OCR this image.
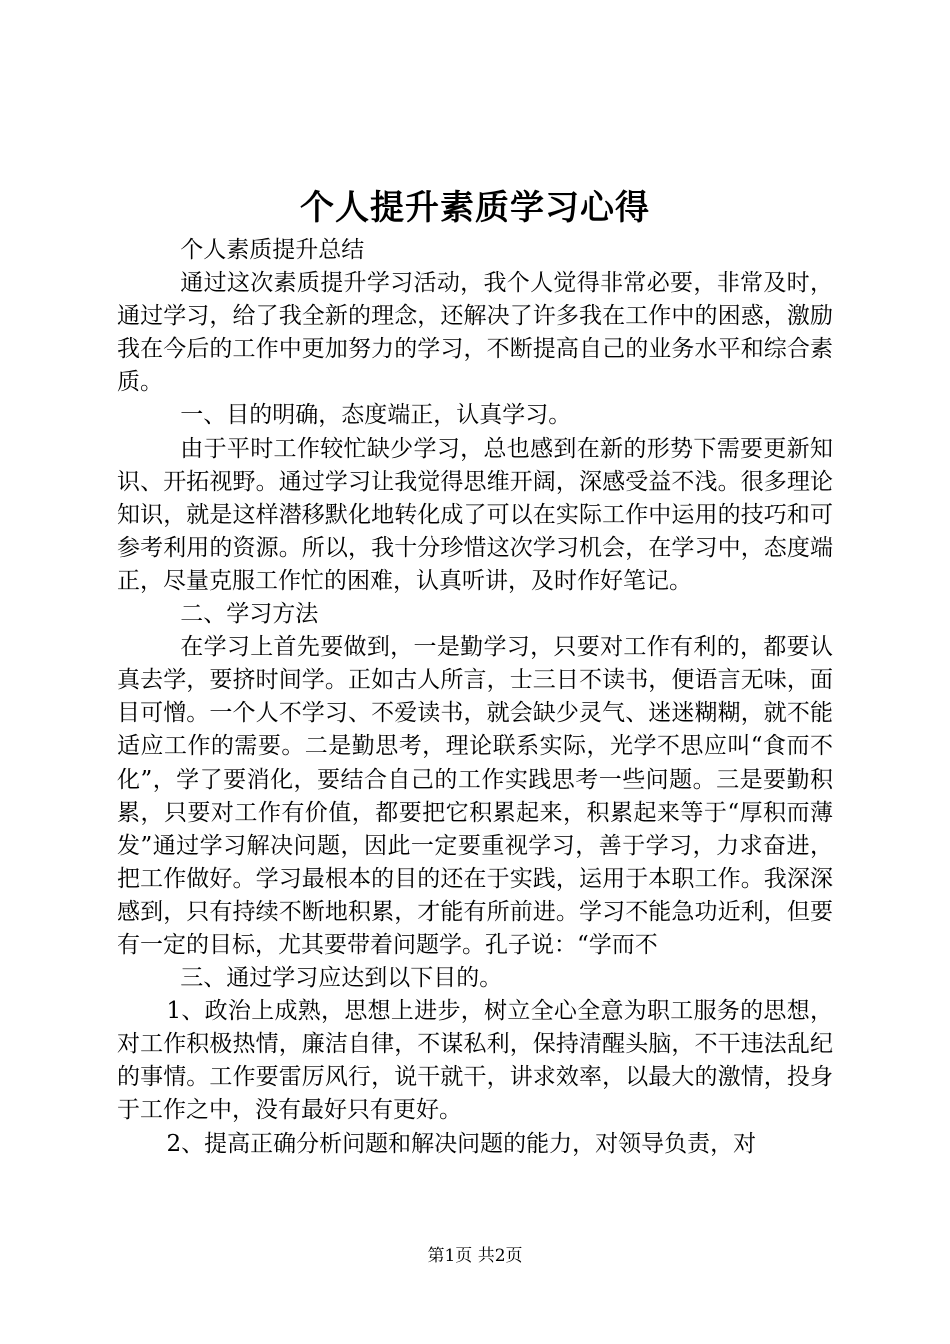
个人提升素质学习心得

个人素质提升总结

通过这次素质提升学习活动，我个人觉得非常必要，非常及时，通过学习，给了我全新的理念，还解决了许多我在工作中的困惑，激励我在今后的工作中更加努力的学习，不断提高自己的业务水平和综合素质。

一、目的明确，态度端正，认真学习。

由于平时工作较忙缺少学习，总也感到在新的形势下需要更新知识、开拓视野。通过学习让我觉得思维开阔，深感受益不浅。很多理论知识，就是这样潜移默化地转化成了可以在实际工作中运用的技巧和可参考利用的资源。所以，我十分珍惜这次学习机会，在学习中，态度端正，尽量克服工作忙的困难，认真听讲，及时作好笔记。

二、学习方法

在学习上首先要做到，一是勤学习，只要对工作有利的，都要认真去学，要挤时间学。正如古人所言，士三日不读书，便语言无味，面目可憎。一个人不学习、不爱读书，就会缺少灵气、迷迷糊糊，就不能适应工作的需要。二是勤思考，理论联系实际，光学不思应叫“食而不化”，学了要消化，要结合自己的工作实践思考一些问题。三是要勤积累，只要对工作有价值，都要把它积累起来，积累起来等于“厚积而薄发”通过学习解决问题，因此一定要重视学习，善于学习，力求奋进，把工作做好。学习最根本的目的还在于实践，运用于本职工作。我深深感到，只有持续不断地积累，才能有所前进。学习不能急功近利，但要有一定的目标，尤其要带着问题学。孔子说：“学而不

三、通过学习应达到以下目的。

1、政治上成熟，思想上进步，树立全心全意为职工服务的思想，对工作积极热情，廉洁自律，不谋私利，保持清醒头脑，不干违法乱纪的事情。工作要雷厉风行，说干就干，讲求效率，以最大的激情，投身于工作之中，没有最好只有更好。

2、提高正确分析问题和解决问题的能力，对领导负责，对

第1页 共2页
